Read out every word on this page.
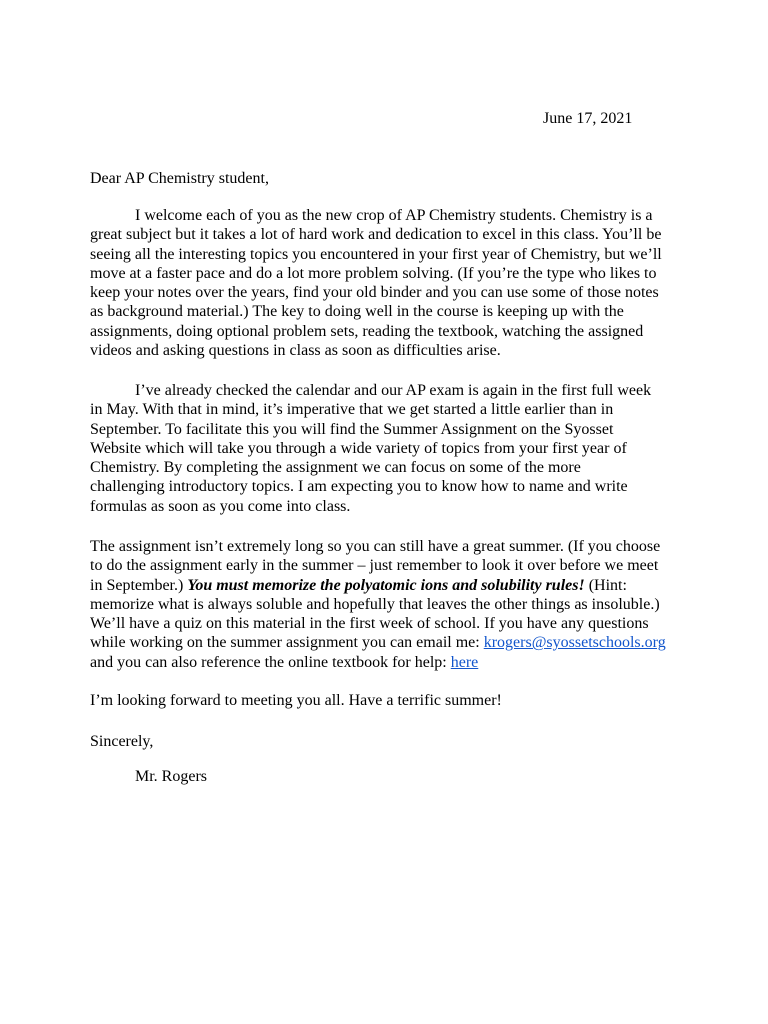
June 17, 2021
Dear AP Chemistry student,
I welcome each of you as the new crop of AP Chemistry students. Chemistry is a
great subject but it takes a lot of hard work and dedication to excel in this class. You’ll be
seeing all the interesting topics you encountered in your first year of Chemistry, but we’ll
move at a faster pace and do a lot more problem solving. (If you’re the type who likes to
keep your notes over the years, find your old binder and you can use some of those notes
as background material.) The key to doing well in the course is keeping up with the
assignments, doing optional problem sets, reading the textbook, watching the assigned
videos and asking questions in class as soon as difficulties arise.
I’ve already checked the calendar and our AP exam is again in the first full week
in May. With that in mind, it’s imperative that we get started a little earlier than in
September. To facilitate this you will find the Summer Assignment on the Syosset
Website which will take you through a wide variety of topics from your first year of
Chemistry. By completing the assignment we can focus on some of the more
challenging introductory topics. I am expecting you to know how to name and write
formulas as soon as you come into class.
The assignment isn’t extremely long so you can still have a great summer. (If you choose
to do the assignment early in the summer – just remember to look it over before we meet
in September.) You must memorize the polyatomic ions and solubility rules! (Hint:
memorize what is always soluble and hopefully that leaves the other things as insoluble.)
We’ll have a quiz on this material in the first week of school. If you have any questions
while working on the summer assignment you can email me: krogers@syossetschools.org
and you can also reference the online textbook for help: here
I’m looking forward to meeting you all. Have a terrific summer!
Sincerely,
Mr. Rogers
